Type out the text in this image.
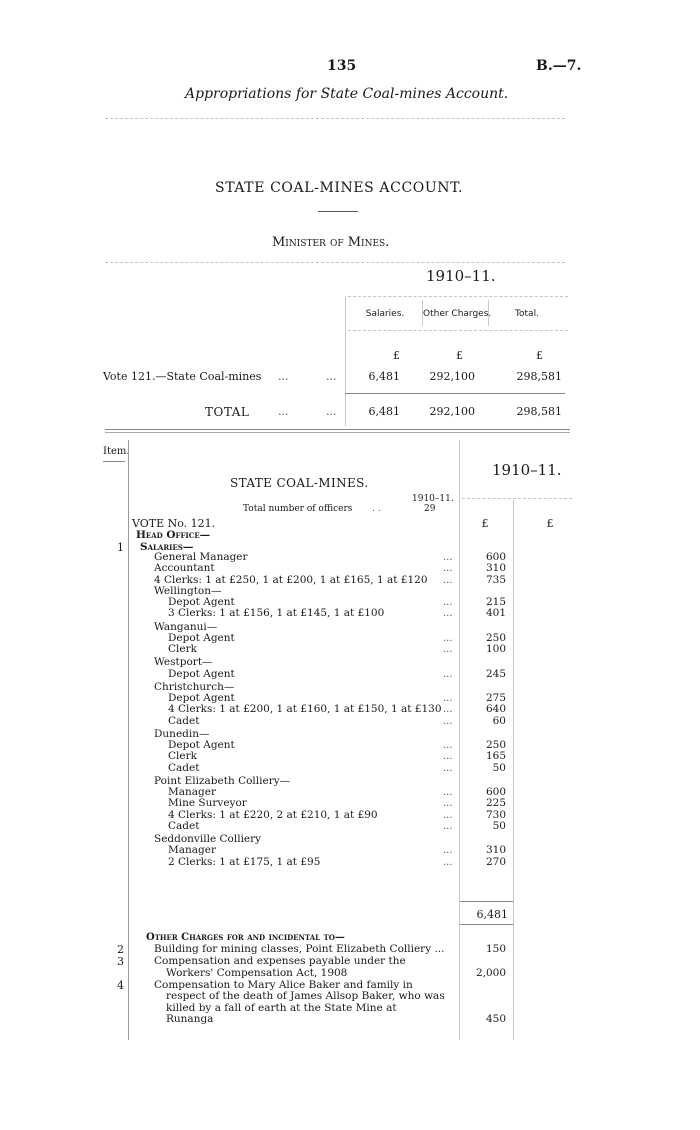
135	B.—7.
Appropriations for State Coal-mines Account.
STATE COAL-MINES ACCOUNT.
Minister of Mines.
1910–11.
Salaries.	Other Charges.	Total.
£	£	£
Vote 121.—State Coal-mines ...	...	6,481	292,100	298,581
TOTAL	...	...	6,481	292,100	298,581
Item.
1910–11.
STATE COAL-MINES.
1910–11.
Total number of officers . .	29
VOTE No. 121.	£	£
Head Office—
1 Salaries—
General Manager	...	600
Accountant	...	310
4 Clerks: 1 at £250, 1 at £200, 1 at £165, 1 at £120 ...	735
Wellington—
Depot Agent	...	215
3 Clerks: 1 at £156, 1 at £145, 1 at £100	...	401
Wanganui—
Depot Agent	...	250
Clerk	...	100
Westport—
Depot Agent	...	245
Christchurch—
Depot Agent	...	275
4 Clerks: 1 at £200, 1 at £160, 1 at £150, 1 at £130 ...	640
Cadet	...	60
Dunedin—
Depot Agent	...	250
Clerk	...	165
Cadet	...	50
Point Elizabeth Colliery—
Manager	...	600
Mine Surveyor	...	225
4 Clerks: 1 at £220, 2 at £210, 1 at £90	...	730
Cadet	...	50
Seddonville Colliery
Manager	...	310
2 Clerks: 1 at £175, 1 at £95	...	270
6,481
Other Charges for and incidental to—
2	Building for mining classes, Point Elizabeth Colliery ...	150
3	Compensation and expenses payable under the
Workers' Compensation Act, 1908	2,000
4	Compensation to Mary Alice Baker and family in
respect of the death of James Allsop Baker, who was
killed by a fall of earth at the State Mine at
Runanga	450
